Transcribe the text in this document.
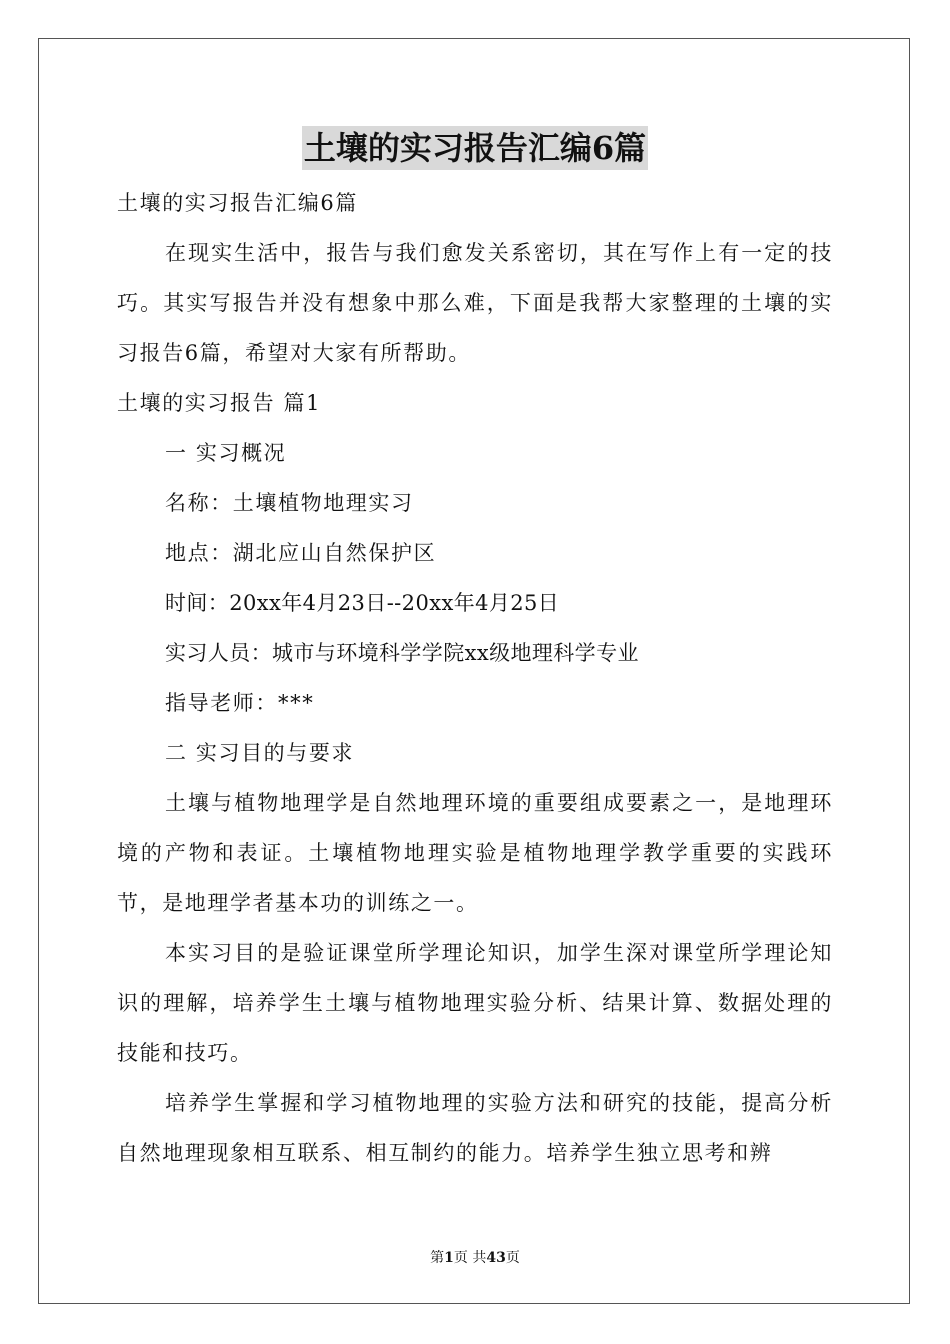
土壤的实习报告汇编6篇
土壤的实习报告汇编6篇

在现实生活中，报告与我们愈发关系密切，其在写作上有一定的技巧。其实写报告并没有想象中那么难，下面是我帮大家整理的土壤的实习报告6篇，希望对大家有所帮助。

土壤的实习报告 篇1
一 实习概况
名称：土壤植物地理实习
地点：湖北应山自然保护区
时间：20xx年4月23日--20xx年4月25日
实习人员：城市与环境科学学院xx级地理科学专业
指导老师：***
二 实习目的与要求

土壤与植物地理学是自然地理环境的重要组成要素之一，是地理环境的产物和表证。土壤植物地理实验是植物地理学教学重要的实践环节，是地理学者基本功的训练之一。

本实习目的是验证课堂所学理论知识，加学生深对课堂所学理论知识的理解，培养学生土壤与植物地理实验分析、结果计算、数据处理的技能和技巧。

培养学生掌握和学习植物地理的实验方法和研究的技能，提高分析自然地理现象相互联系、相互制约的能力。培养学生独立思考和辨

第1页 共43页
